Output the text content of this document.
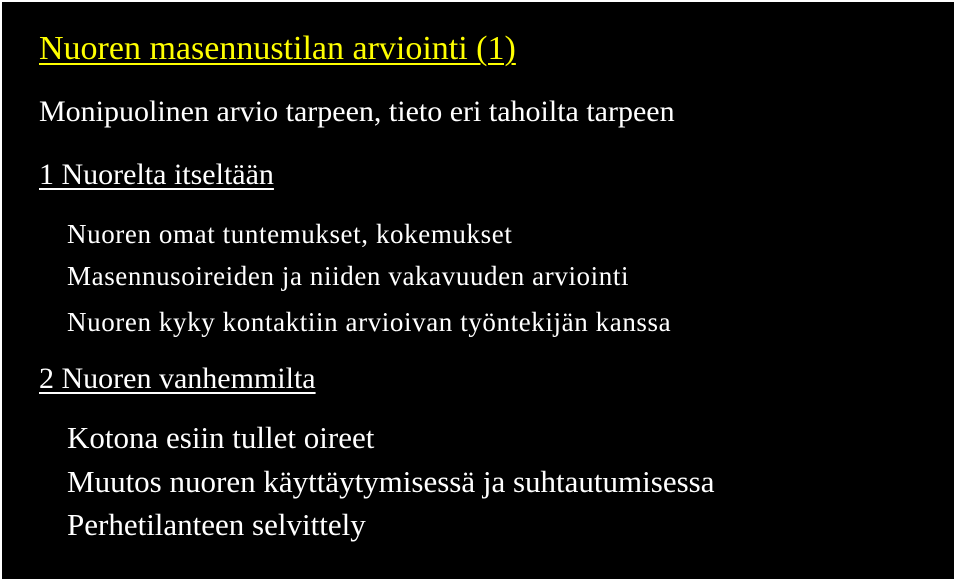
Nuoren masennustilan arviointi (1)
Monipuolinen arvio tarpeen, tieto eri tahoilta tarpeen
1 Nuorelta itseltään
Nuoren omat tuntemukset, kokemukset
Masennusoireiden ja niiden vakavuuden arviointi
Nuoren kyky kontaktiin arvioivan työntekijän kanssa
2 Nuoren vanhemmilta
Kotona esiin tullet oireet
Muutos nuoren käyttäytymisessä ja suhtautumisessa
Perhetilanteen selvittely
